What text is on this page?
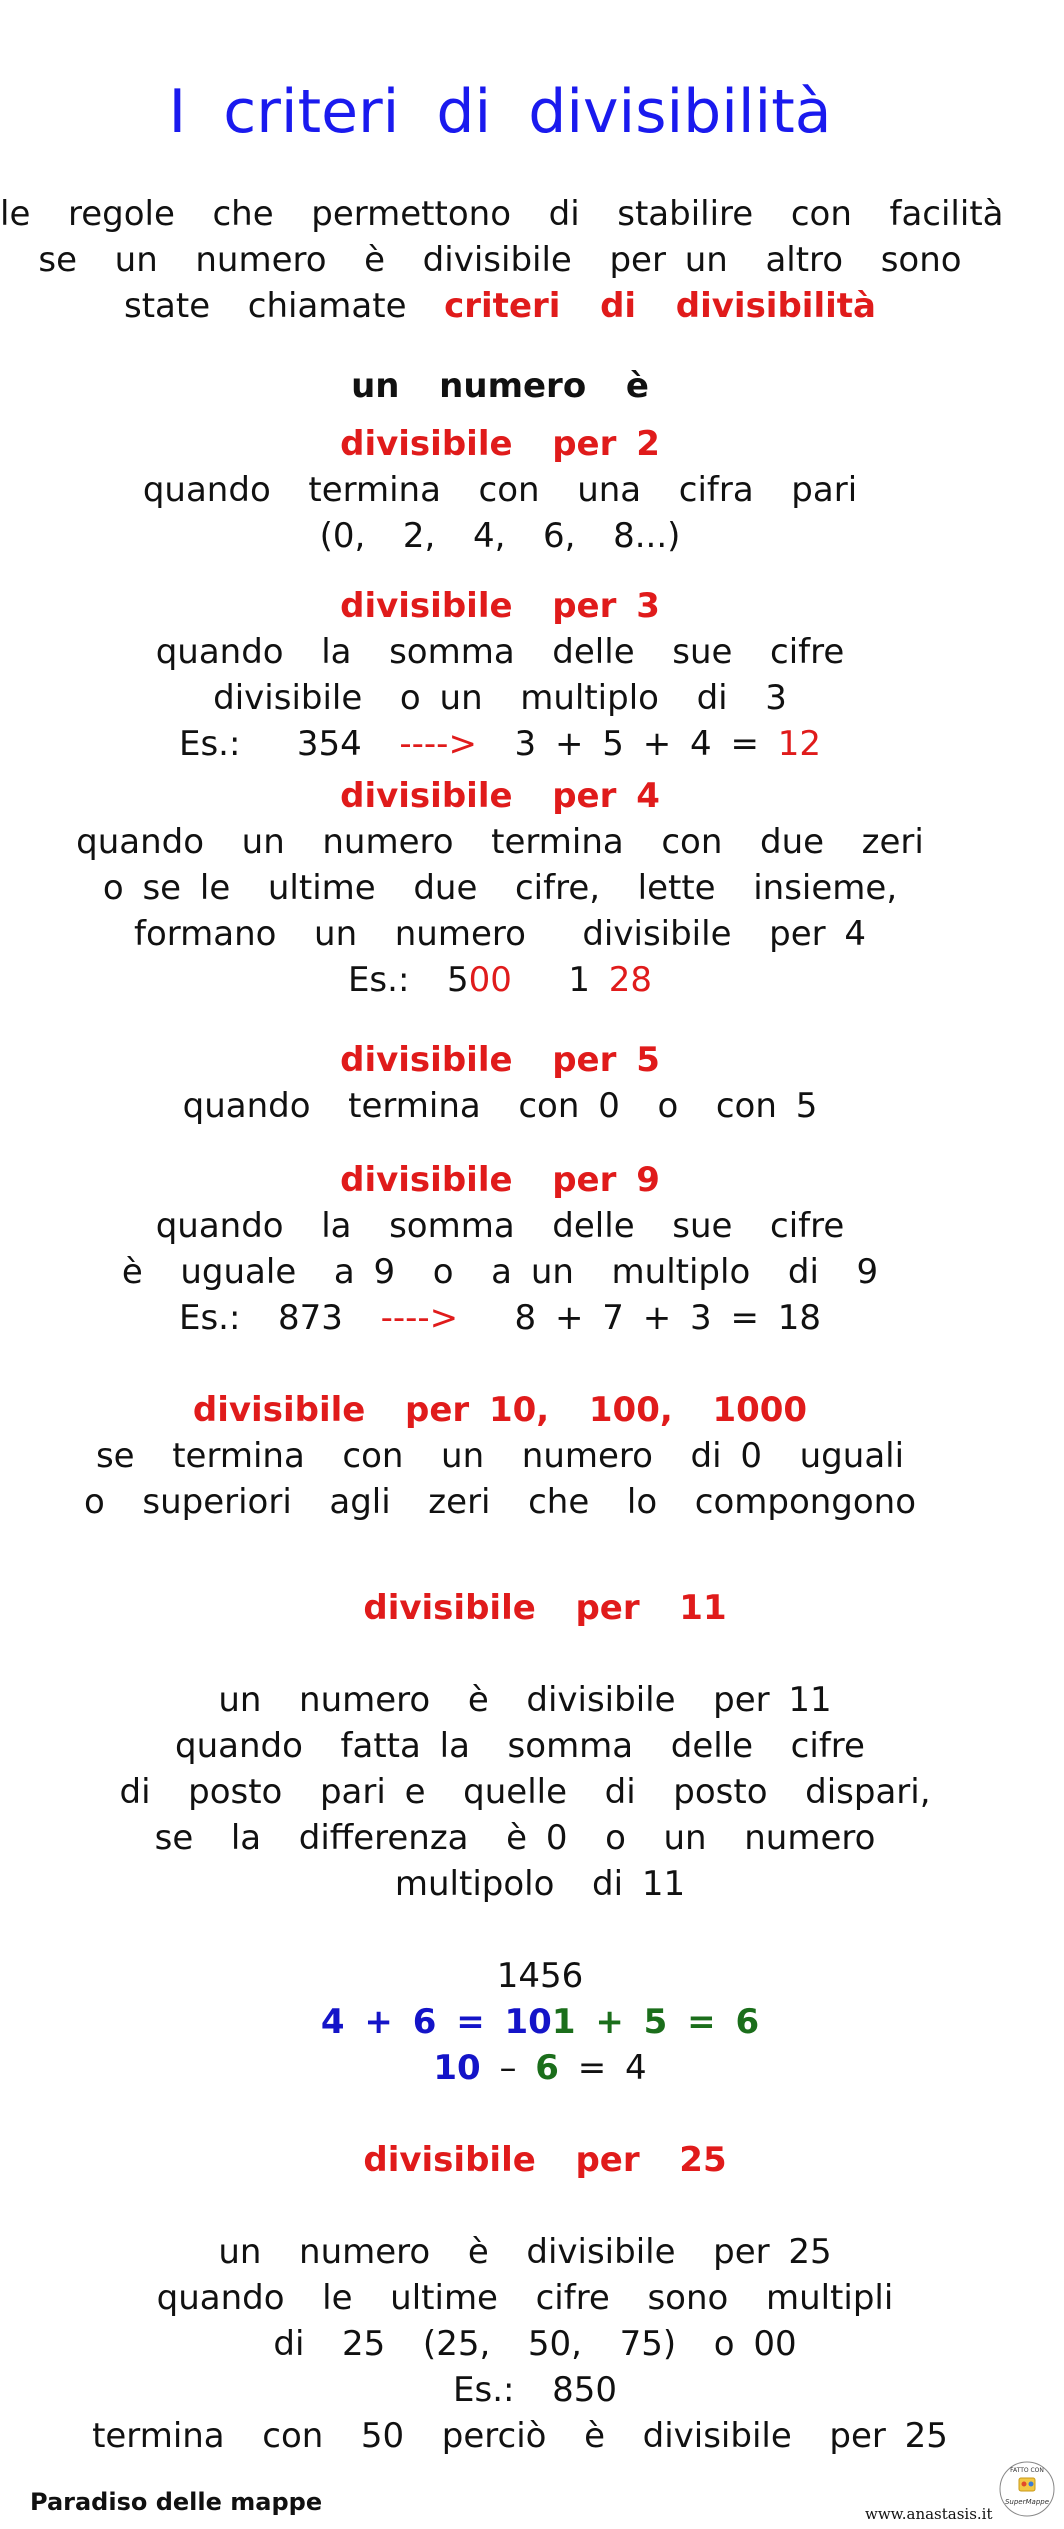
I criteri di divisibilità
le  regole  che  permettono  di  stabilire  con  facilità
se  un  numero  è  divisibile  per un  altro  sono
state  chiamate  criteri  di  divisibilità
un  numero  è
divisibile  per 2
quando  termina  con  una  cifra  pari
(0,  2,  4,  6,  8...)
divisibile  per 3
quando  la  somma  delle  sue  cifre
divisibile  o un  multiplo  di  3
Es.:   354  ---->  3 + 5 + 4 = 12
divisibile  per 4
quando  un  numero  termina  con  due  zeri
o se le  ultime  due  cifre,  lette  insieme,
formano  un  numero   divisibile  per 4
Es.:  500   1 28
divisibile  per 5
quando  termina  con 0  o  con 5
divisibile  per 9
quando  la  somma  delle  sue  cifre
è  uguale  a 9  o  a un  multiplo  di  9
Es.:  873  ---->   8 + 7 + 3 = 18
divisibile  per 10,  100,  1000
se  termina  con  un  numero  di 0  uguali
o  superiori  agli  zeri  che  lo  compongono
divisibile  per  11
un  numero  è  divisibile  per 11
quando  fatta la  somma  delle  cifre
di  posto  pari e  quelle  di  posto  dispari,
se  la  differenza  è 0  o  un  numero
multipolo  di 11
1456
4 + 6 = 101 + 5 = 6
10 – 6 = 4
divisibile  per  25
un  numero  è  divisibile  per 25
quando  le  ultime  cifre  sono  multipli
di  25  (25,  50,  75)  o 00
Es.:  850
termina  con  50  perciò  è  divisibile  per 25
Paradiso delle mappe	www.anastasis.it
FATTO CON
SuperMappe
